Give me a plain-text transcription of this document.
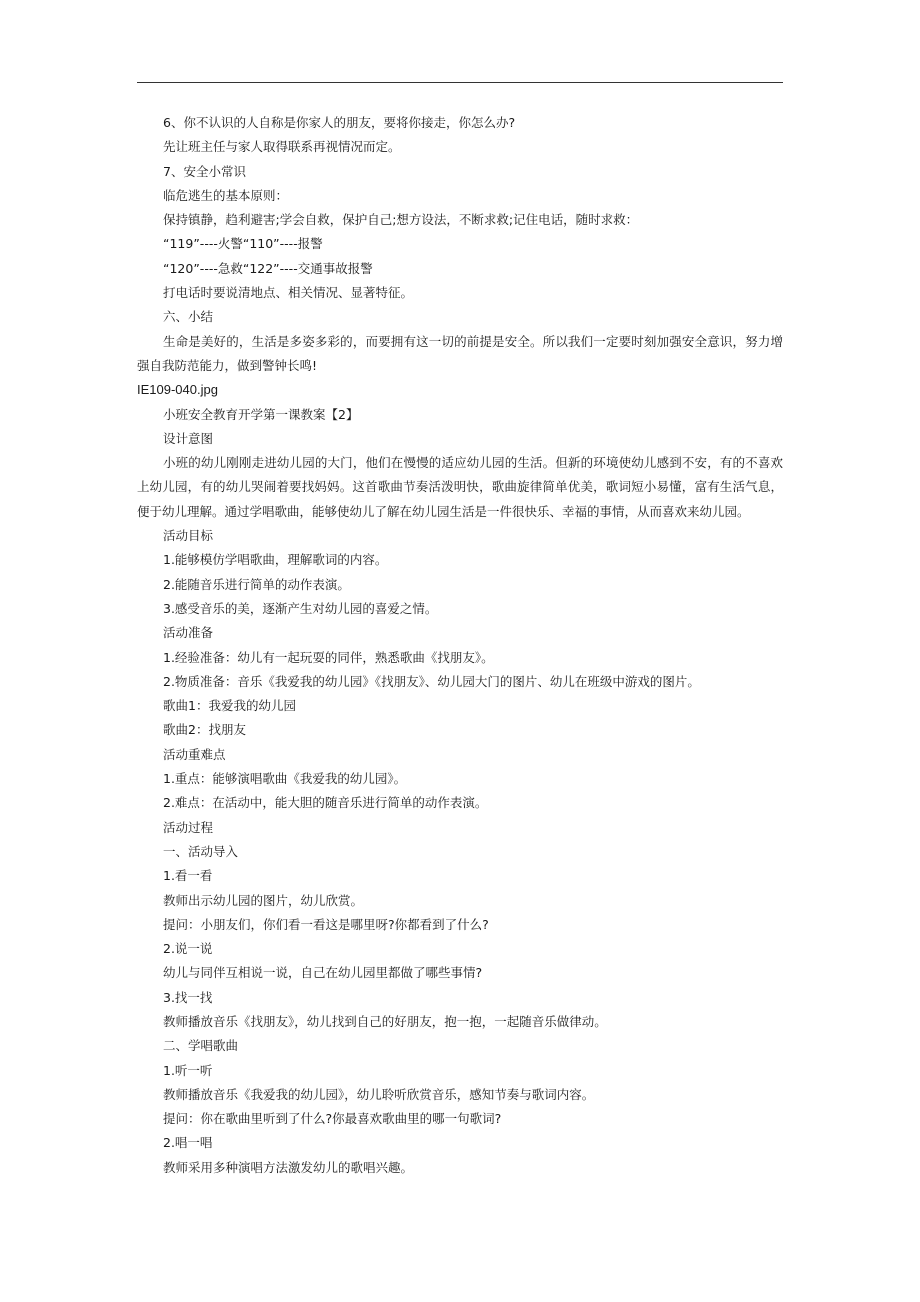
6、你不认识的人自称是你家人的朋友，要将你接走，你怎么办?

先让班主任与家人取得联系再视情况而定。

7、安全小常识

临危逃生的基本原则：

保持镇静，趋利避害;学会自救，保护自己;想方设法，不断求救;记住电话，随时求救：

“119”----火警“110”----报警

“120”----急救“122”----交通事故报警

打电话时要说清地点、相关情况、显著特征。

六、小结

生命是美好的，生活是多姿多彩的，而要拥有这一切的前提是安全。所以我们一定要时刻加强安全意识，努力增强自我防范能力，做到警钟长鸣!

IE109-040.jpg

小班安全教育开学第一课教案【2】

设计意图

小班的幼儿刚刚走进幼儿园的大门，他们在慢慢的适应幼儿园的生活。但新的环境使幼儿感到不安，有的不喜欢上幼儿园，有的幼儿哭闹着要找妈妈。这首歌曲节奏活泼明快，歌曲旋律简单优美，歌词短小易懂，富有生活气息，便于幼儿理解。通过学唱歌曲，能够使幼儿了解在幼儿园生活是一件很快乐、幸福的事情，从而喜欢来幼儿园。

活动目标

1.能够模仿学唱歌曲，理解歌词的内容。

2.能随音乐进行简单的动作表演。

3.感受音乐的美，逐渐产生对幼儿园的喜爱之情。

活动准备

1.经验准备：幼儿有一起玩耍的同伴，熟悉歌曲《找朋友》。

2.物质准备：音乐《我爱我的幼儿园》《找朋友》、幼儿园大门的图片、幼儿在班级中游戏的图片。

歌曲1：我爱我的幼儿园

歌曲2：找朋友

活动重难点

1.重点：能够演唱歌曲《我爱我的幼儿园》。

2.难点：在活动中，能大胆的随音乐进行简单的动作表演。

活动过程

一、活动导入

1.看一看

教师出示幼儿园的图片，幼儿欣赏。

提问：小朋友们，你们看一看这是哪里呀?你都看到了什么?

2.说一说

幼儿与同伴互相说一说，自己在幼儿园里都做了哪些事情?

3.找一找

教师播放音乐《找朋友》，幼儿找到自己的好朋友，抱一抱，一起随音乐做律动。

二、学唱歌曲

1.听一听

教师播放音乐《我爱我的幼儿园》，幼儿聆听欣赏音乐，感知节奏与歌词内容。

提问：你在歌曲里听到了什么?你最喜欢歌曲里的哪一句歌词?

2.唱一唱

教师采用多种演唱方法激发幼儿的歌唱兴趣。
